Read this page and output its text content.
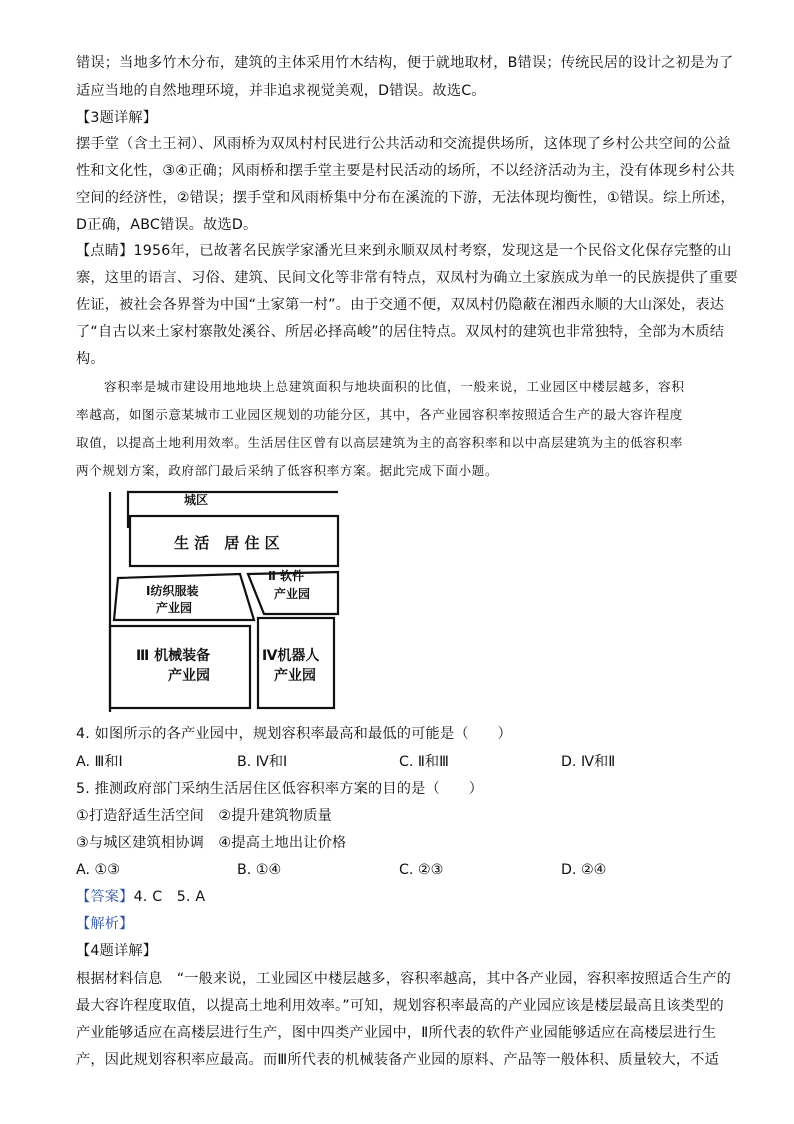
错误；当地多竹木分布，建筑的主体采用竹木结构，便于就地取材，B错误；传统民居的设计之初是为了
适应当地的自然地理环境，并非追求视觉美观，D错误。故选C。
【3题详解】
摆手堂（含土王祠）、风雨桥为双凤村村民进行公共活动和交流提供场所，这体现了乡村公共空间的公益
性和文化性，③④正确；风雨桥和摆手堂主要是村民活动的场所，不以经济活动为主，没有体现乡村公共
空间的经济性，②错误；摆手堂和风雨桥集中分布在溪流的下游，无法体现均衡性，①错误。综上所述，
D正确，ABC错误。故选D。
【点睛】1956年，已故著名民族学家潘光旦来到永顺双凤村考察，发现这是一个民俗文化保存完整的山
寨，这里的语言、习俗、建筑、民间文化等非常有特点，双凤村为确立土家族成为单一的民族提供了重要
佐证，被社会各界誉为中国“土家第一村”。由于交通不便，双凤村仍隐蔽在湘西永顺的大山深处，表达
了“自古以来土家村寨散处溪谷、所居必择高峻”的居住特点。双凤村的建筑也非常独特，全部为木质结
构。
容积率是城市建设用地地块上总建筑面积与地块面积的比值，一般来说，工业园区中楼层越多，容积
率越高，如图示意某城市工业园区规划的功能分区，其中，各产业园容积率按照适合生产的最大容许程度
取值，以提高土地利用效率。生活居住区曾有以高层建筑为主的高容积率和以中高层建筑为主的低容积率
两个规划方案，政府部门最后采纳了低容积率方案。据此完成下面小题。
城区
生 活　居 住 区
Ⅰ纺织服装
产业园
Ⅱ 软件
产业园
Ⅲ 机械装备
产业园
Ⅳ机器人
产业园
4. 如图所示的各产业园中，规划容积率最高和最低的可能是（　　）
A. Ⅲ和Ⅰ	B. Ⅳ和Ⅰ	C. Ⅱ和Ⅲ	D. Ⅳ和Ⅱ
5. 推测政府部门采纳生活居住区低容积率方案的目的是（　　）
①打造舒适生活空间　②提升建筑物质量
③与城区建筑相协调　④提高土地出让价格
A. ①③	B. ①④	C. ②③	D. ②④
【答案】4. C　5. A
【解析】
【4题详解】
根据材料信息　“一般来说，工业园区中楼层越多，容积率越高，其中各产业园，容积率按照适合生产的
最大容许程度取值，以提高土地利用效率。”可知，规划容积率最高的产业园应该是楼层最高且该类型的
产业能够适应在高楼层进行生产，图中四类产业园中，Ⅱ所代表的软件产业园能够适应在高楼层进行生
产，因此规划容积率应最高。而Ⅲ所代表的机械装备产业园的原料、产品等一般体积、质量较大，不适
